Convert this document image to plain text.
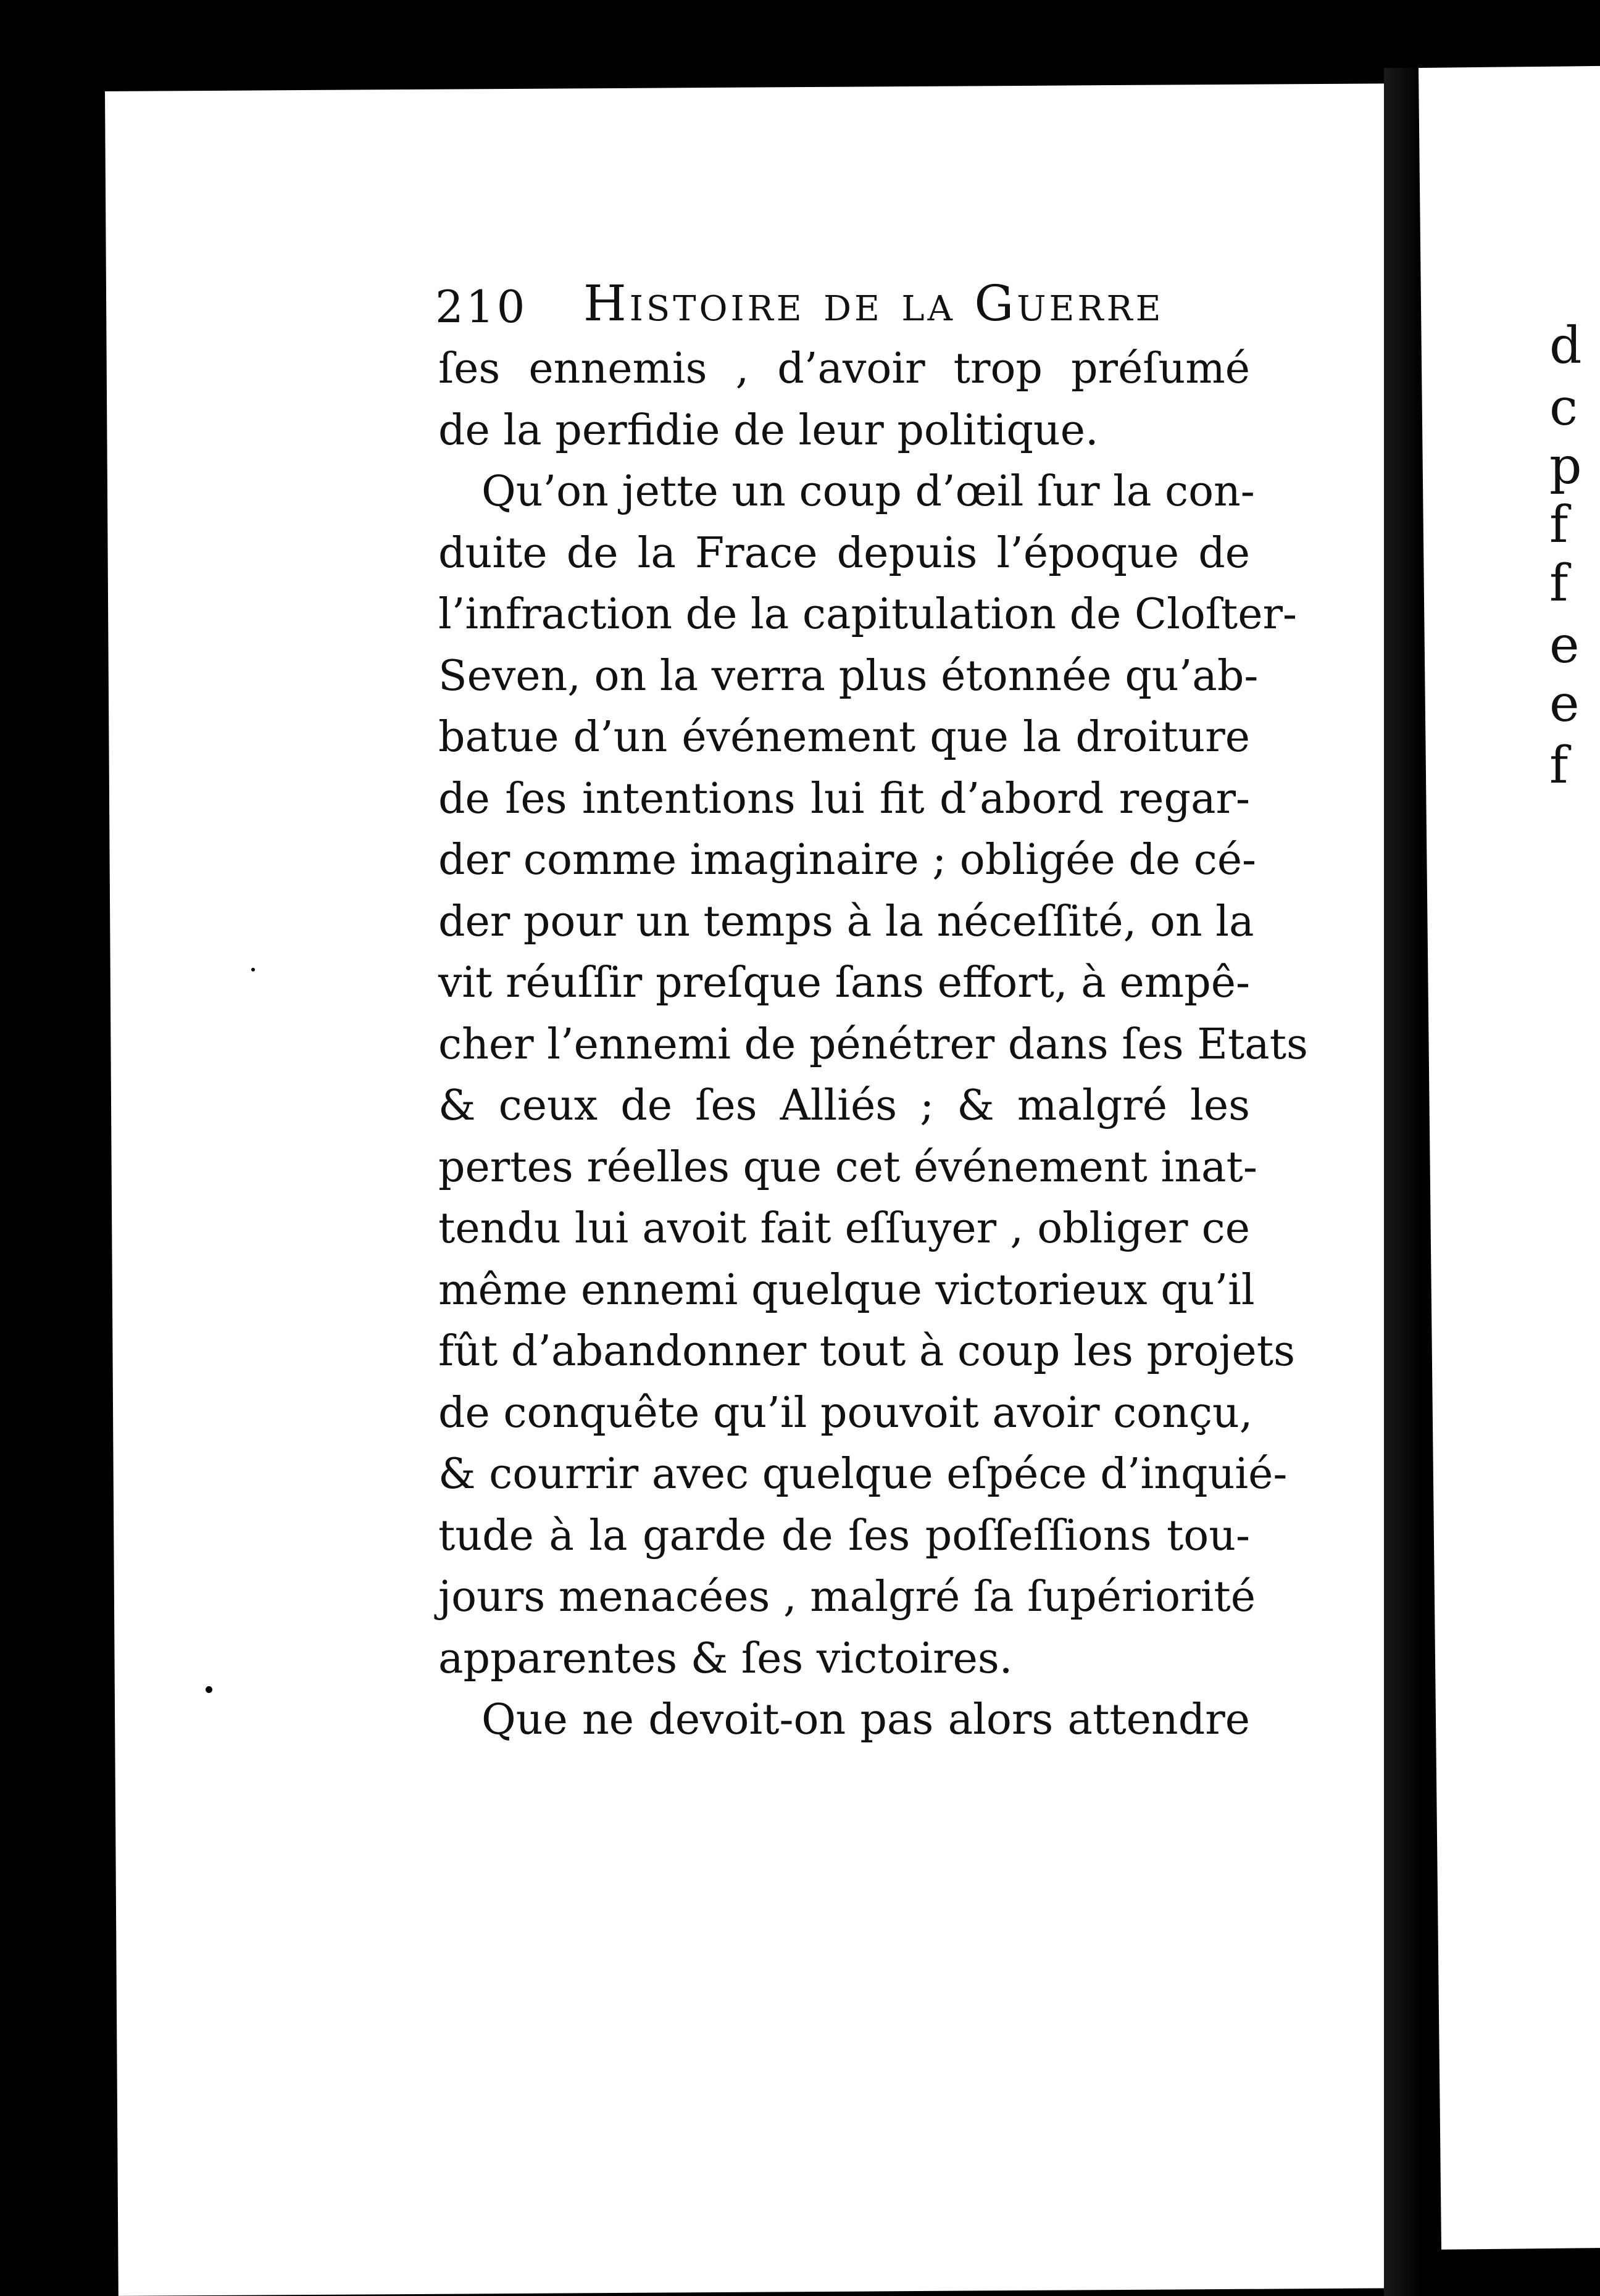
d
c
p
f
f
e
e
f
210 Histoire de la Guerre
ſes ennemis , d’avoir trop préſumé
de la perfidie de leur politique.
Qu’on jette un coup d’œil ſur la con-
duite de la Frace depuis l’époque de
l’infraction de la capitulation de Cloſter-
Seven, on la verra plus étonnée qu’ab-
batue d’un événement que la droiture
de ſes intentions lui fit d’abord regar-
der comme imaginaire ; obligée de cé-
der pour un temps à la néceſſité, on la
vit réuſſir preſque ſans effort, à empê-
cher l’ennemi de pénétrer dans ſes Etats
& ceux de ſes Alliés ; & malgré les
pertes réelles que cet événement inat-
tendu lui avoit fait eſſuyer , obliger ce
même ennemi quelque victorieux qu’il
fût d’abandonner tout à coup les projets
de conquête qu’il pouvoit avoir conçu,
& courrir avec quelque eſpéce d’inquié-
tude à la garde de ſes poſſeſſions tou-
jours menacées , malgré ſa ſupériorité
apparentes & ſes victoires.
Que ne devoit-on pas alors attendre
